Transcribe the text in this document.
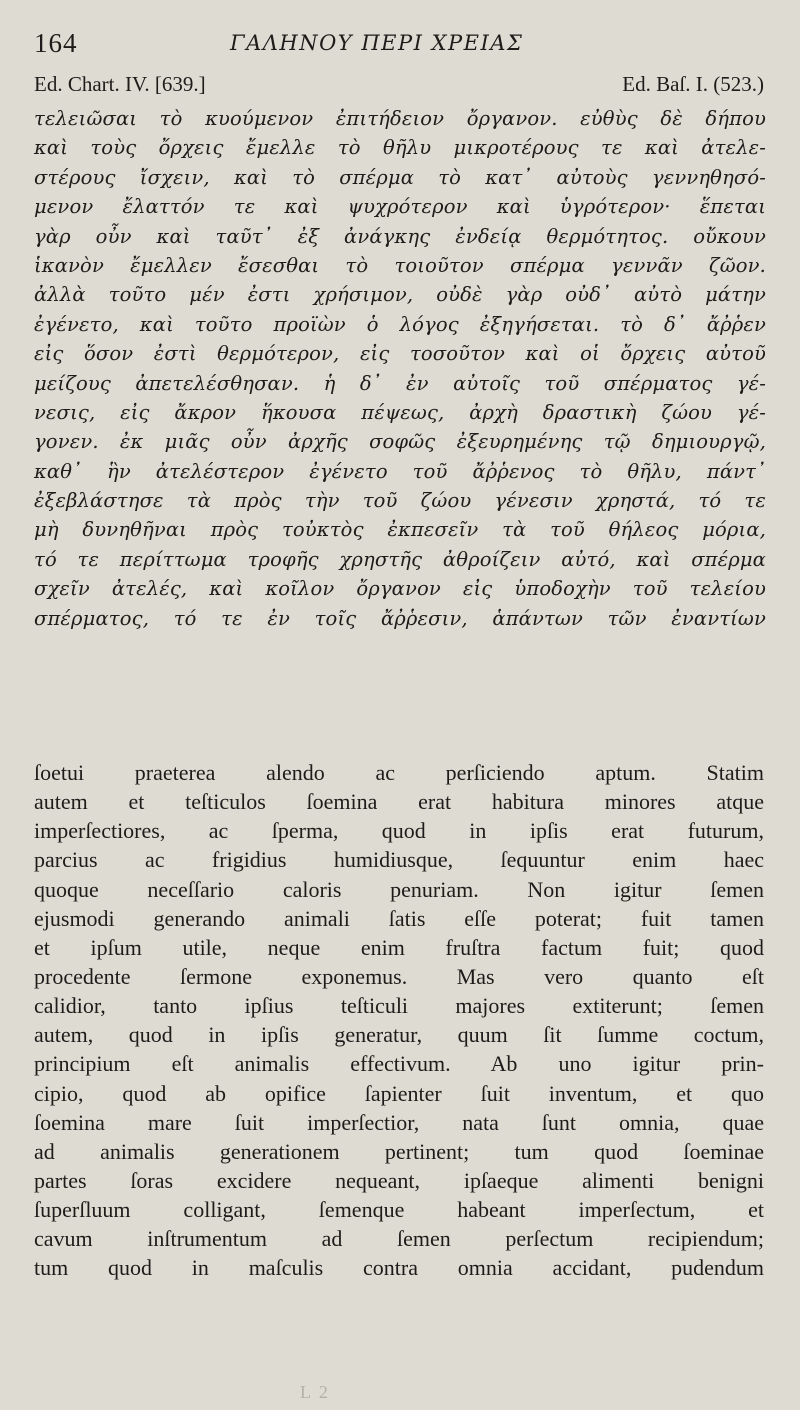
164	ΓΑΛΗΝΟΥ ΠΕΡΙ ΧΡΕΙΑΣ
Ed. Chart. IV. [639.]	Ed. Baſ. I. (523.)
τελειῶσαι τὸ κυούμενον ἐπιτήδειον ὄργανον. εὐθὺς δὲ δήπου
καὶ τοὺς ὄρχεις ἔμελλε τὸ θῆλυ μικροτέρους τε καὶ ἀτελε-
στέρους ἴσχειν, καὶ τὸ σπέρμα τὸ κατ᾿ αὐτοὺς γεννηθησό-
μενον ἔλαττόν τε καὶ ψυχρότερον καὶ ὑγρότερον· ἕπεται
γὰρ οὖν καὶ ταῦτ᾿ ἐξ ἀνάγκης ἐνδείᾳ θερμότητος. οὔκουν
ἱκανὸν ἔμελλεν ἔσεσθαι τὸ τοιοῦτον σπέρμα γεννᾶν ζῶον.
ἀλλὰ τοῦτο μέν ἐστι χρήσιμον, οὐδὲ γὰρ οὐδ᾿ αὐτὸ μάτην
ἐγένετο, καὶ τοῦτο προϊὼν ὁ λόγος ἐξηγήσεται. τὸ δ᾿ ἄῤῥεν
εἰς ὅσον ἐστὶ θερμότερον, εἰς τοσοῦτον καὶ οἱ ὄρχεις αὐτοῦ
μείζους ἀπετελέσθησαν. ἡ δ᾿ ἐν αὐτοῖς τοῦ σπέρματος γέ-
νεσις, εἰς ἄκρον ἥκουσα πέψεως, ἀρχὴ δραστικὴ ζώου γέ-
γονεν. ἐκ μιᾶς οὖν ἀρχῆς σοφῶς ἐξευρημένης τῷ δημιουργῷ,
καθ᾿ ἣν ἀτελέστερον ἐγένετο τοῦ ἄῤῥενος τὸ θῆλυ, πάντ᾿
ἐξεβλάστησε τὰ πρὸς τὴν τοῦ ζώου γένεσιν χρηστά, τό τε
μὴ δυνηθῆναι πρὸς τοὐκτὸς ἐκπεσεῖν τὰ τοῦ θήλεος μόρια,
τό τε περίττωμα τροφῆς χρηστῆς ἀθροίζειν αὐτό, καὶ σπέρμα
σχεῖν ἀτελές, καὶ κοῖλον ὄργανον εἰς ὑποδοχὴν τοῦ τελείου
σπέρματος, τό τε ἐν τοῖς ἄῤῥεσιν, ἁπάντων τῶν ἐναντίων
ſoetui praeterea alendo ac perſiciendo aptum. Statim
autem et teſticulos ſoemina erat habitura minores atque
imperſectiores, ac ſperma, quod in ipſis erat futurum,
parcius ac frigidius humidiusque, ſequuntur enim haec
quoque neceſſario caloris penuriam. Non igitur ſemen
ejusmodi generando animali ſatis eſſe poterat; fuit tamen
et ipſum utile, neque enim fruſtra factum fuit; quod
procedente ſermone exponemus. Mas vero quanto eſt
calidior, tanto ipſius teſticuli majores extiterunt; ſemen
autem, quod in ipſis generatur, quum ſit ſumme coctum,
principium eſt animalis effectivum. Ab uno igitur prin-
cipio, quod ab opifice ſapienter ſuit inventum, et quo
ſoemina mare ſuit imperſectior, nata ſunt omnia, quae
ad animalis generationem pertinent; tum quod ſoeminae
partes ſoras excidere nequeant, ipſaeque alimenti benigni
ſuperſluum colligant, ſemenque habeant imperſectum, et
cavum inſtrumentum ad ſemen perſectum recipiendum;
tum quod in maſculis contra omnia accidant, pudendum
L 2
